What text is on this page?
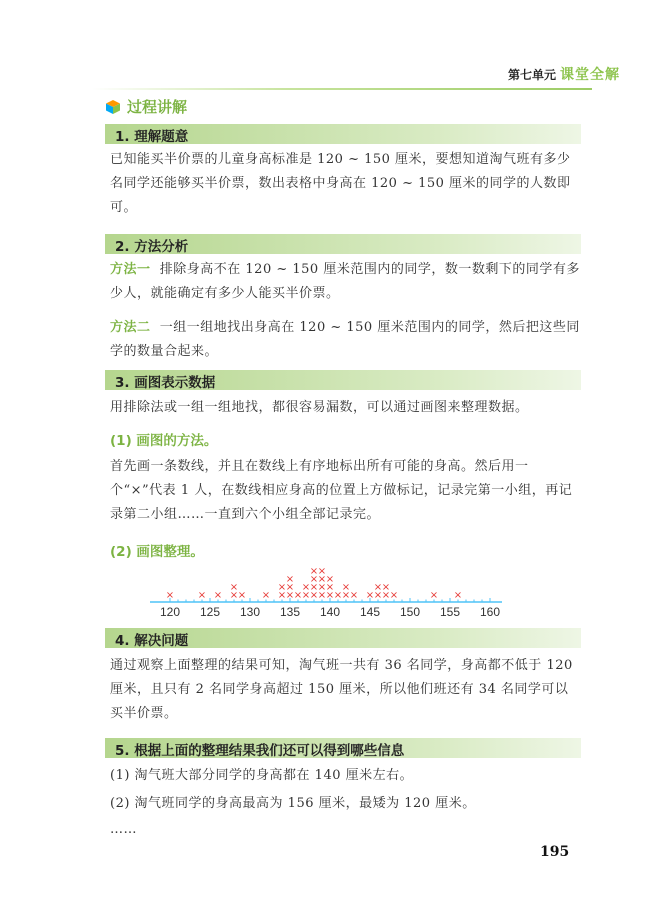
第七单元 课堂全解
过程讲解
1. 理解题意
已知能买半价票的儿童身高标准是 120 ~ 150 厘米，要想知道淘气班有多少名同学还能够买半价票，数出表格中身高在 120 ~ 150 厘米的同学的人数即可。
2. 方法分析
方法一 排除身高不在 120 ~ 150 厘米范围内的同学，数一数剩下的同学有多少人，就能确定有多少人能买半价票。
方法二 一组一组地找出身高在 120 ~ 150 厘米范围内的同学，然后把这些同学的数量合起来。
3. 画图表示数据
用排除法或一组一组地找，都很容易漏数，可以通过画图来整理数据。
(1) 画图的方法。
首先画一条数线，并且在数线上有序地标出所有可能的身高。然后用一个“×”代表 1 人，在数线相应身高的位置上方做标记，记录完第一小组，再记录第二小组……一直到六个小组全部记录完。
(2) 画图整理。
120 125 130 135 140 145 150 155 160
× × × ×
×
× × ×
×
×
×
×
× ×
×
×
×
×
×
×
×
×
×
×
×
×
× ×
×
× × ×
×
×
×
×	× ×
4. 解决问题
通过观察上面整理的结果可知，淘气班一共有 36 名同学，身高都不低于 120 厘米，且只有 2 名同学身高超过 150 厘米，所以他们班还有 34 名同学可以买半价票。
5. 根据上面的整理结果我们还可以得到哪些信息
(1) 淘气班大部分同学的身高都在 140 厘米左右。
(2) 淘气班同学的身高最高为 156 厘米，最矮为 120 厘米。
……
195
